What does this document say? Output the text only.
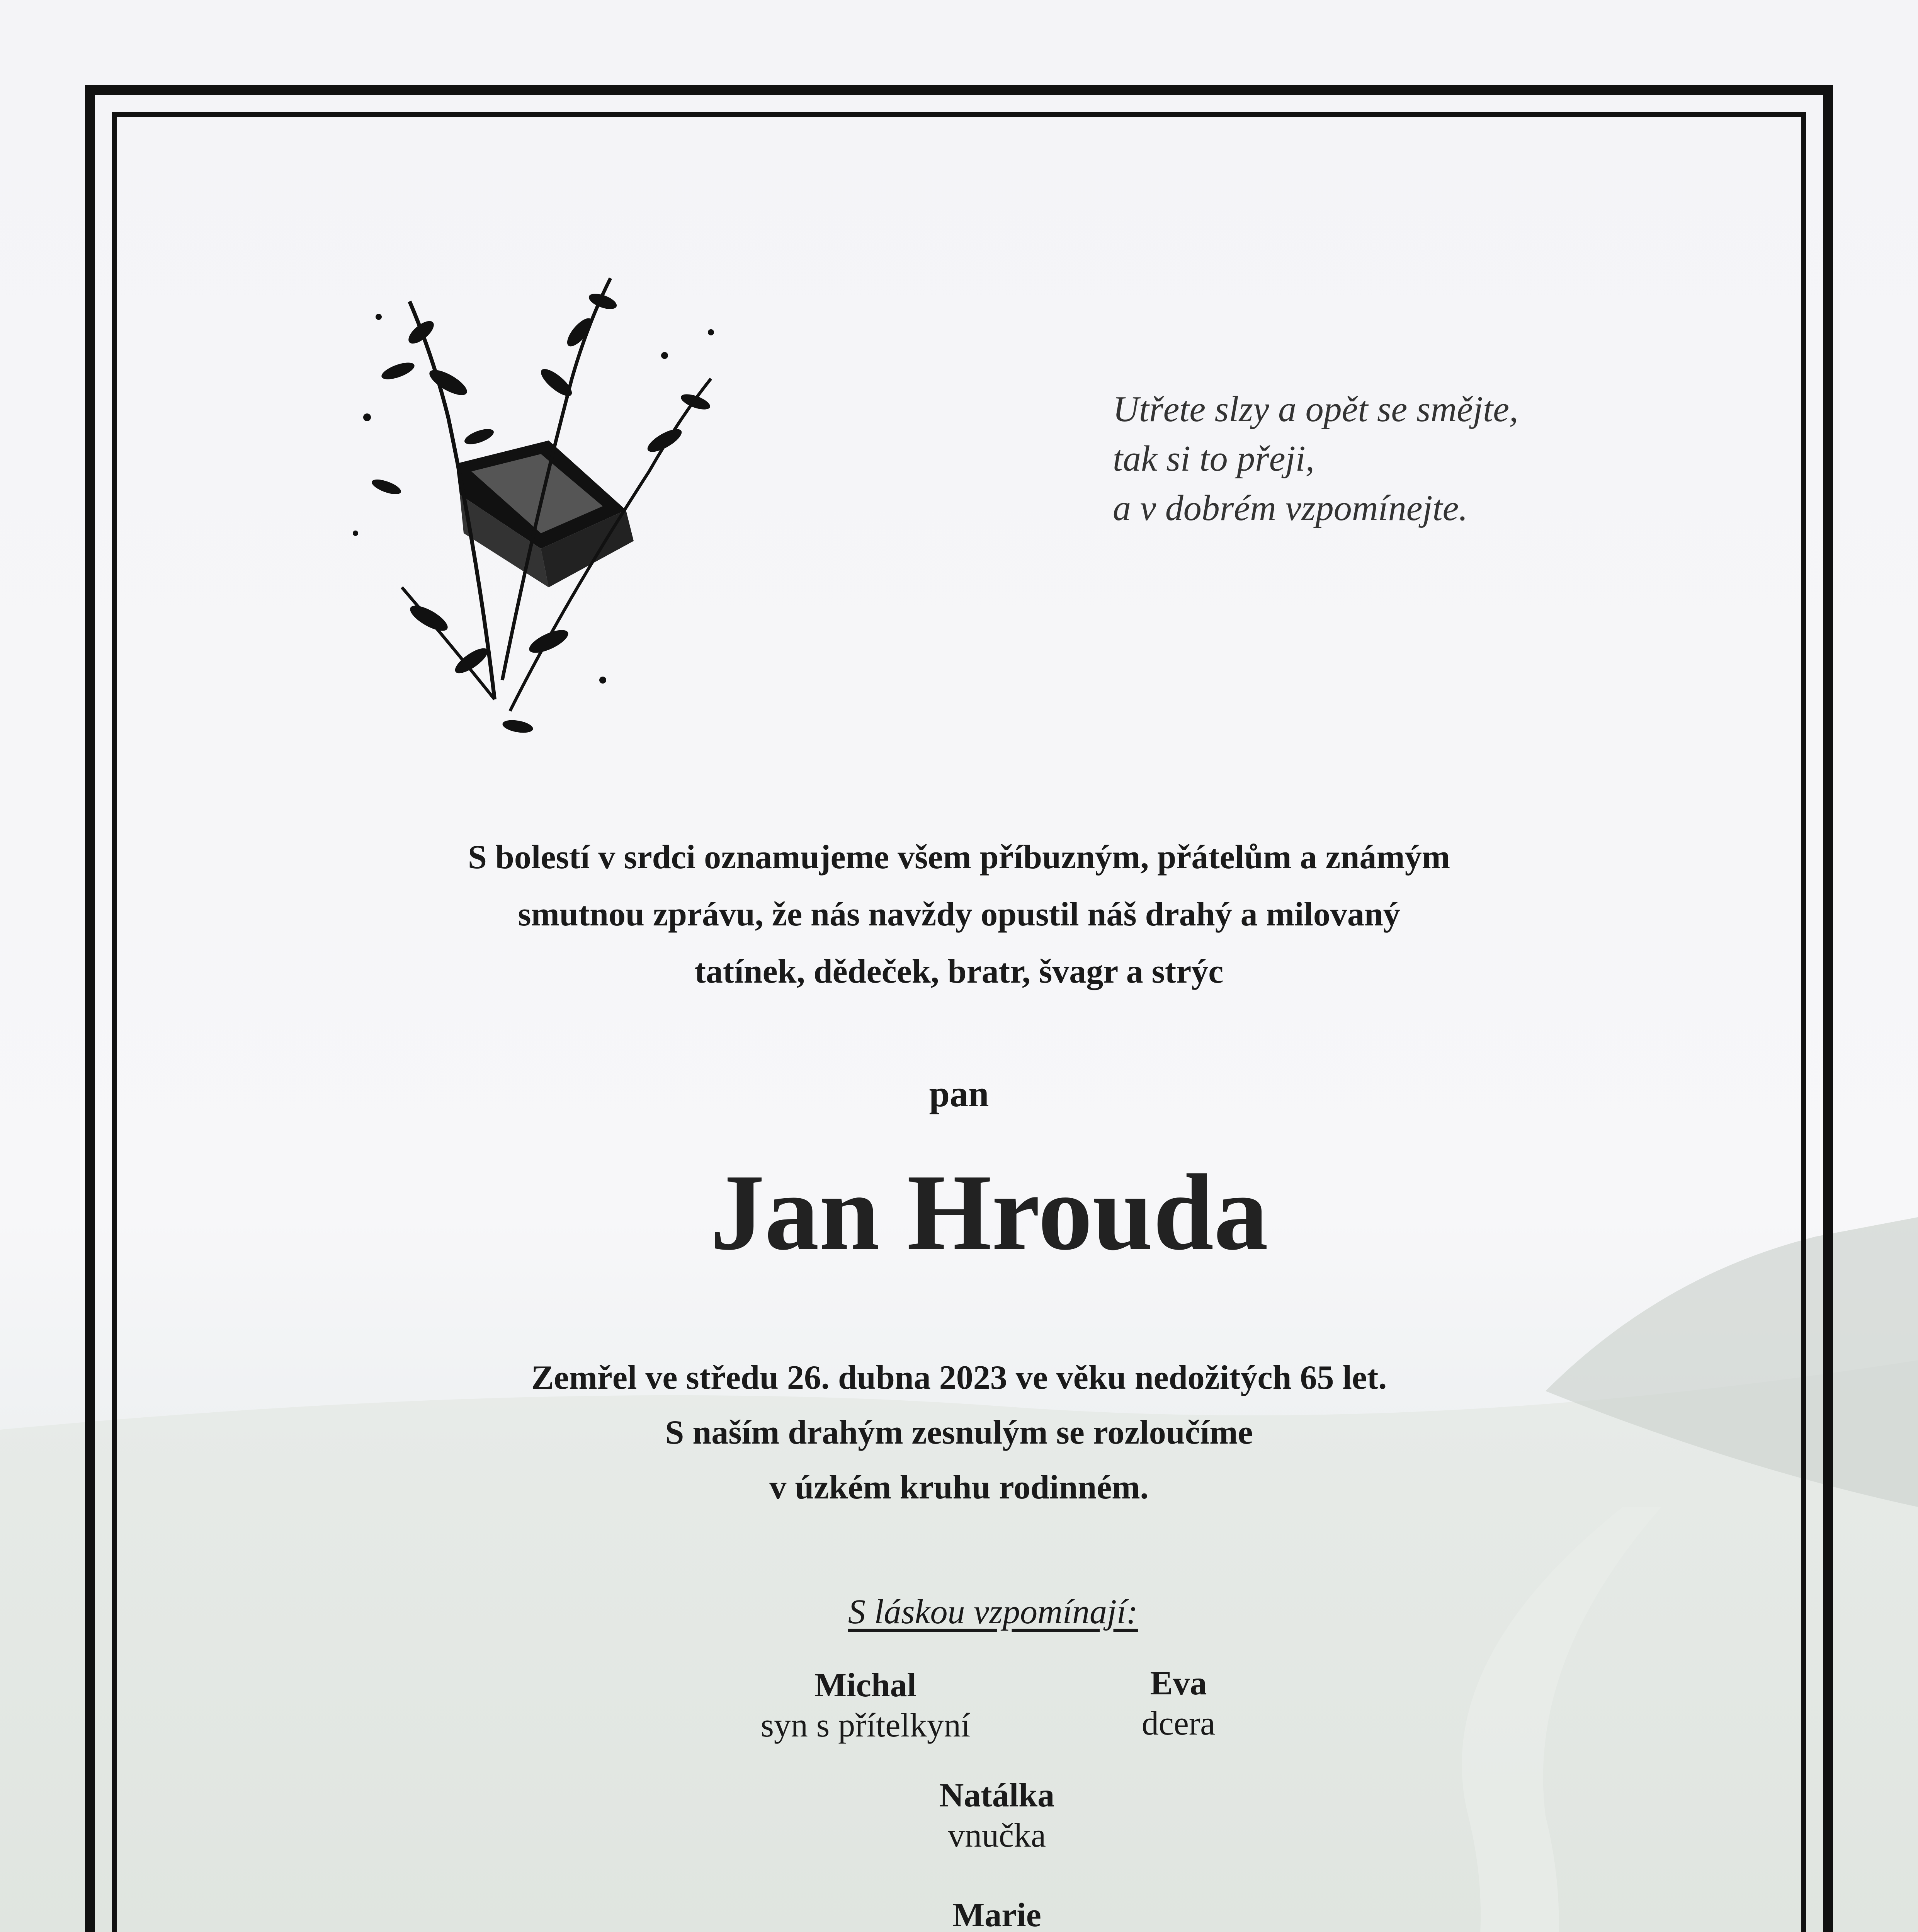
Utřete slzy a opět se smějte,
tak si to přeji,
a v dobrém vzpomínejte.
S bolestí v srdci oznamujeme všem příbuzným, přátelům a známým
smutnou zprávu, že nás navždy opustil náš drahý a milovaný
tatínek, dědeček, bratr, švagr a strýc
pan
Jan Hrouda
Zemřel ve středu 26. dubna 2023 ve věku nedožitých 65 let.
S naším drahým zesnulým se rozloučíme
v úzkém kruhu rodinném.
S láskou vzpomínají:
Michal
syn s přítelkyní
Eva
dcera
Natálka
vnučka
Marie
